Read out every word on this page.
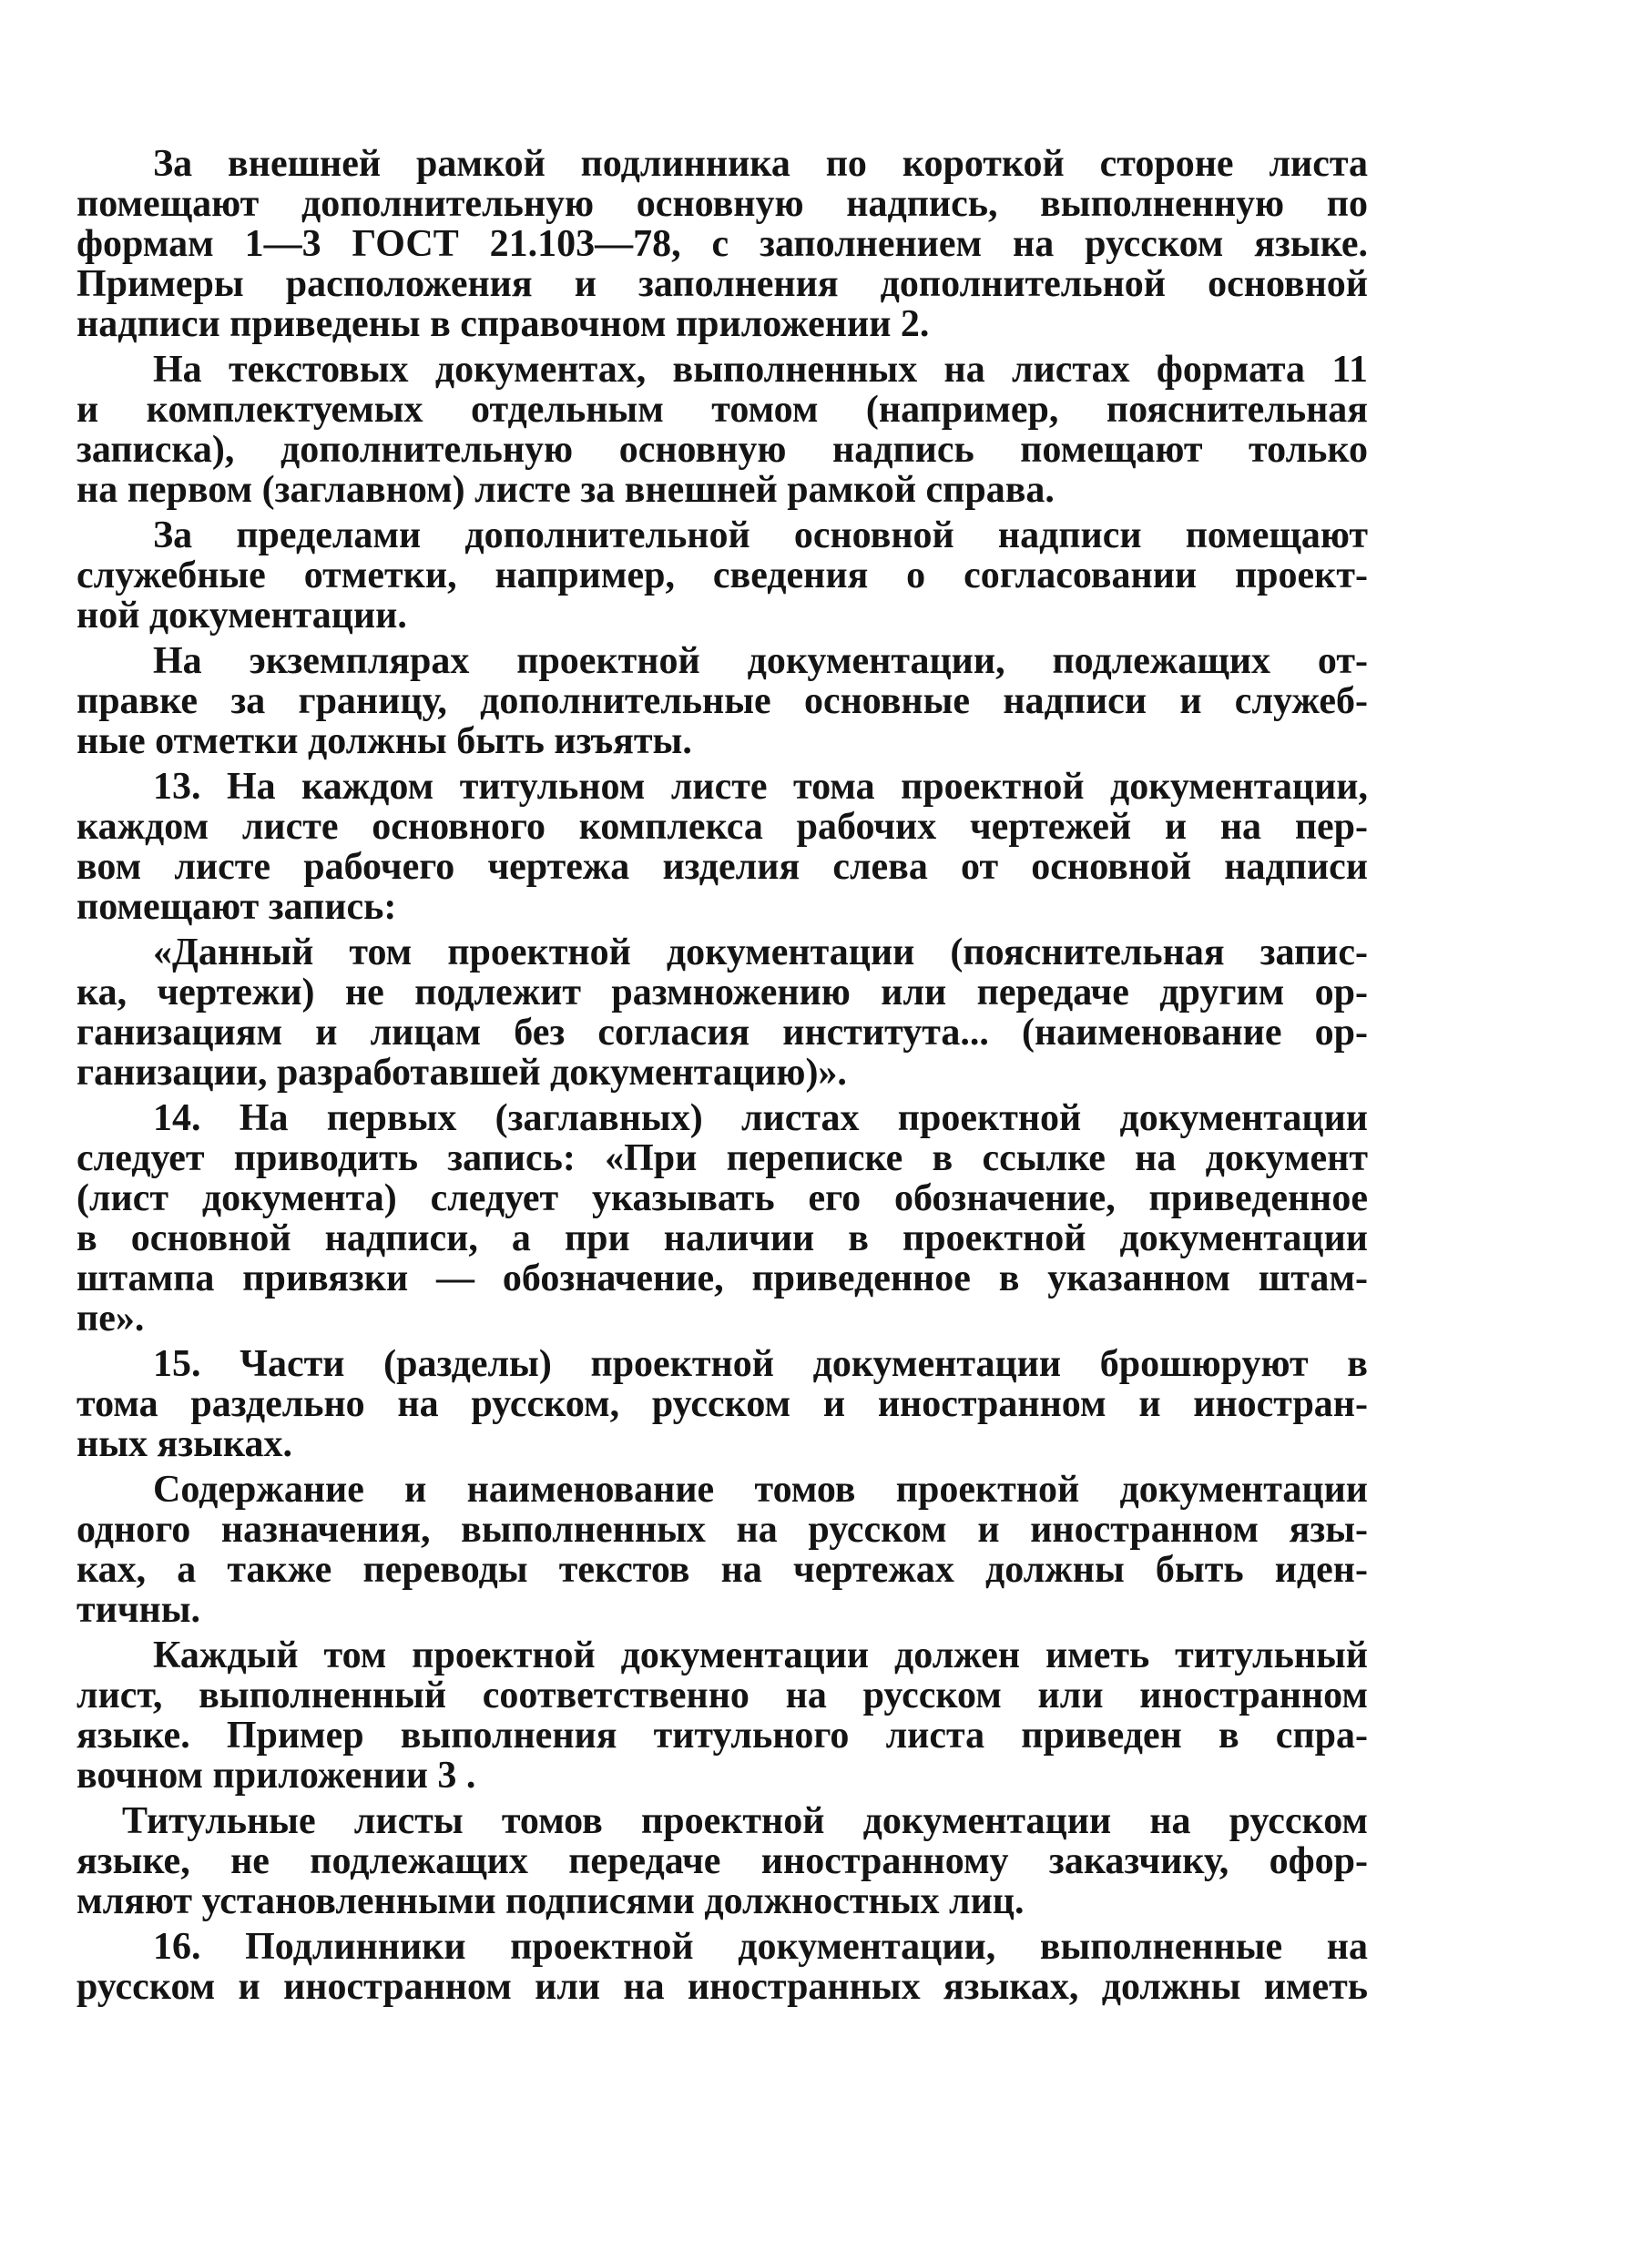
За внешней рамкой подлинника по короткой стороне листа
помещают дополнительную основную надпись, выполненную по
формам 1—3 ГОСТ 21.103—78, с заполнением на русском языке.
Примеры расположения и заполнения дополнительной основной
надписи приведены в справочном приложении 2.

На текстовых документах, выполненных на листах формата 11
и комплектуемых отдельным томом (например, пояснительная
записка), дополнительную основную надпись помещают только
на первом (заглавном) листе за внешней рамкой справа.

За пределами дополнительной основной надписи помещают
служебные отметки, например, сведения о согласовании проект-
ной документации.

На экземплярах проектной документации, подлежащих от-
правке за границу, дополнительные основные надписи и служеб-
ные отметки должны быть изъяты.

13. На каждом титульном листе тома проектной документации,
каждом листе основного комплекса рабочих чертежей и на пер-
вом листе рабочего чертежа изделия слева от основной надписи
помещают запись:

«Данный том проектной документации (пояснительная запис-
ка, чертежи) не подлежит размножению или передаче другим ор-
ганизациям и лицам без согласия института... (наименование ор-
ганизации, разработавшей документацию)».

14. На первых (заглавных) листах проектной документации
следует приводить запись: «При переписке в ссылке на документ
(лист документа) следует указывать его обозначение, приведенное
в основной надписи, а при наличии в проектной документации
штампа привязки — обозначение, приведенное в указанном штам-
пе».

15. Части (разделы) проектной документации брошюруют в
тома раздельно на русском, русском и иностранном и иностран-
ных языках.

Содержание и наименование томов проектной документации
одного назначения, выполненных на русском и иностранном язы-
ках, а также переводы текстов на чертежах должны быть иден-
тичны.

Каждый том проектной документации должен иметь титульный
лист, выполненный соответственно на русском или иностранном
языке. Пример выполнения титульного листа приведен в спра-
вочном приложении 3 .

Титульные листы томов проектной документации на русском
языке, не подлежащих передаче иностранному заказчику, офор-
мляют установленными подписями должностных лиц.

16. Подлинники проектной документации, выполненные на
русском и иностранном или на иностранных языках, должны иметь
